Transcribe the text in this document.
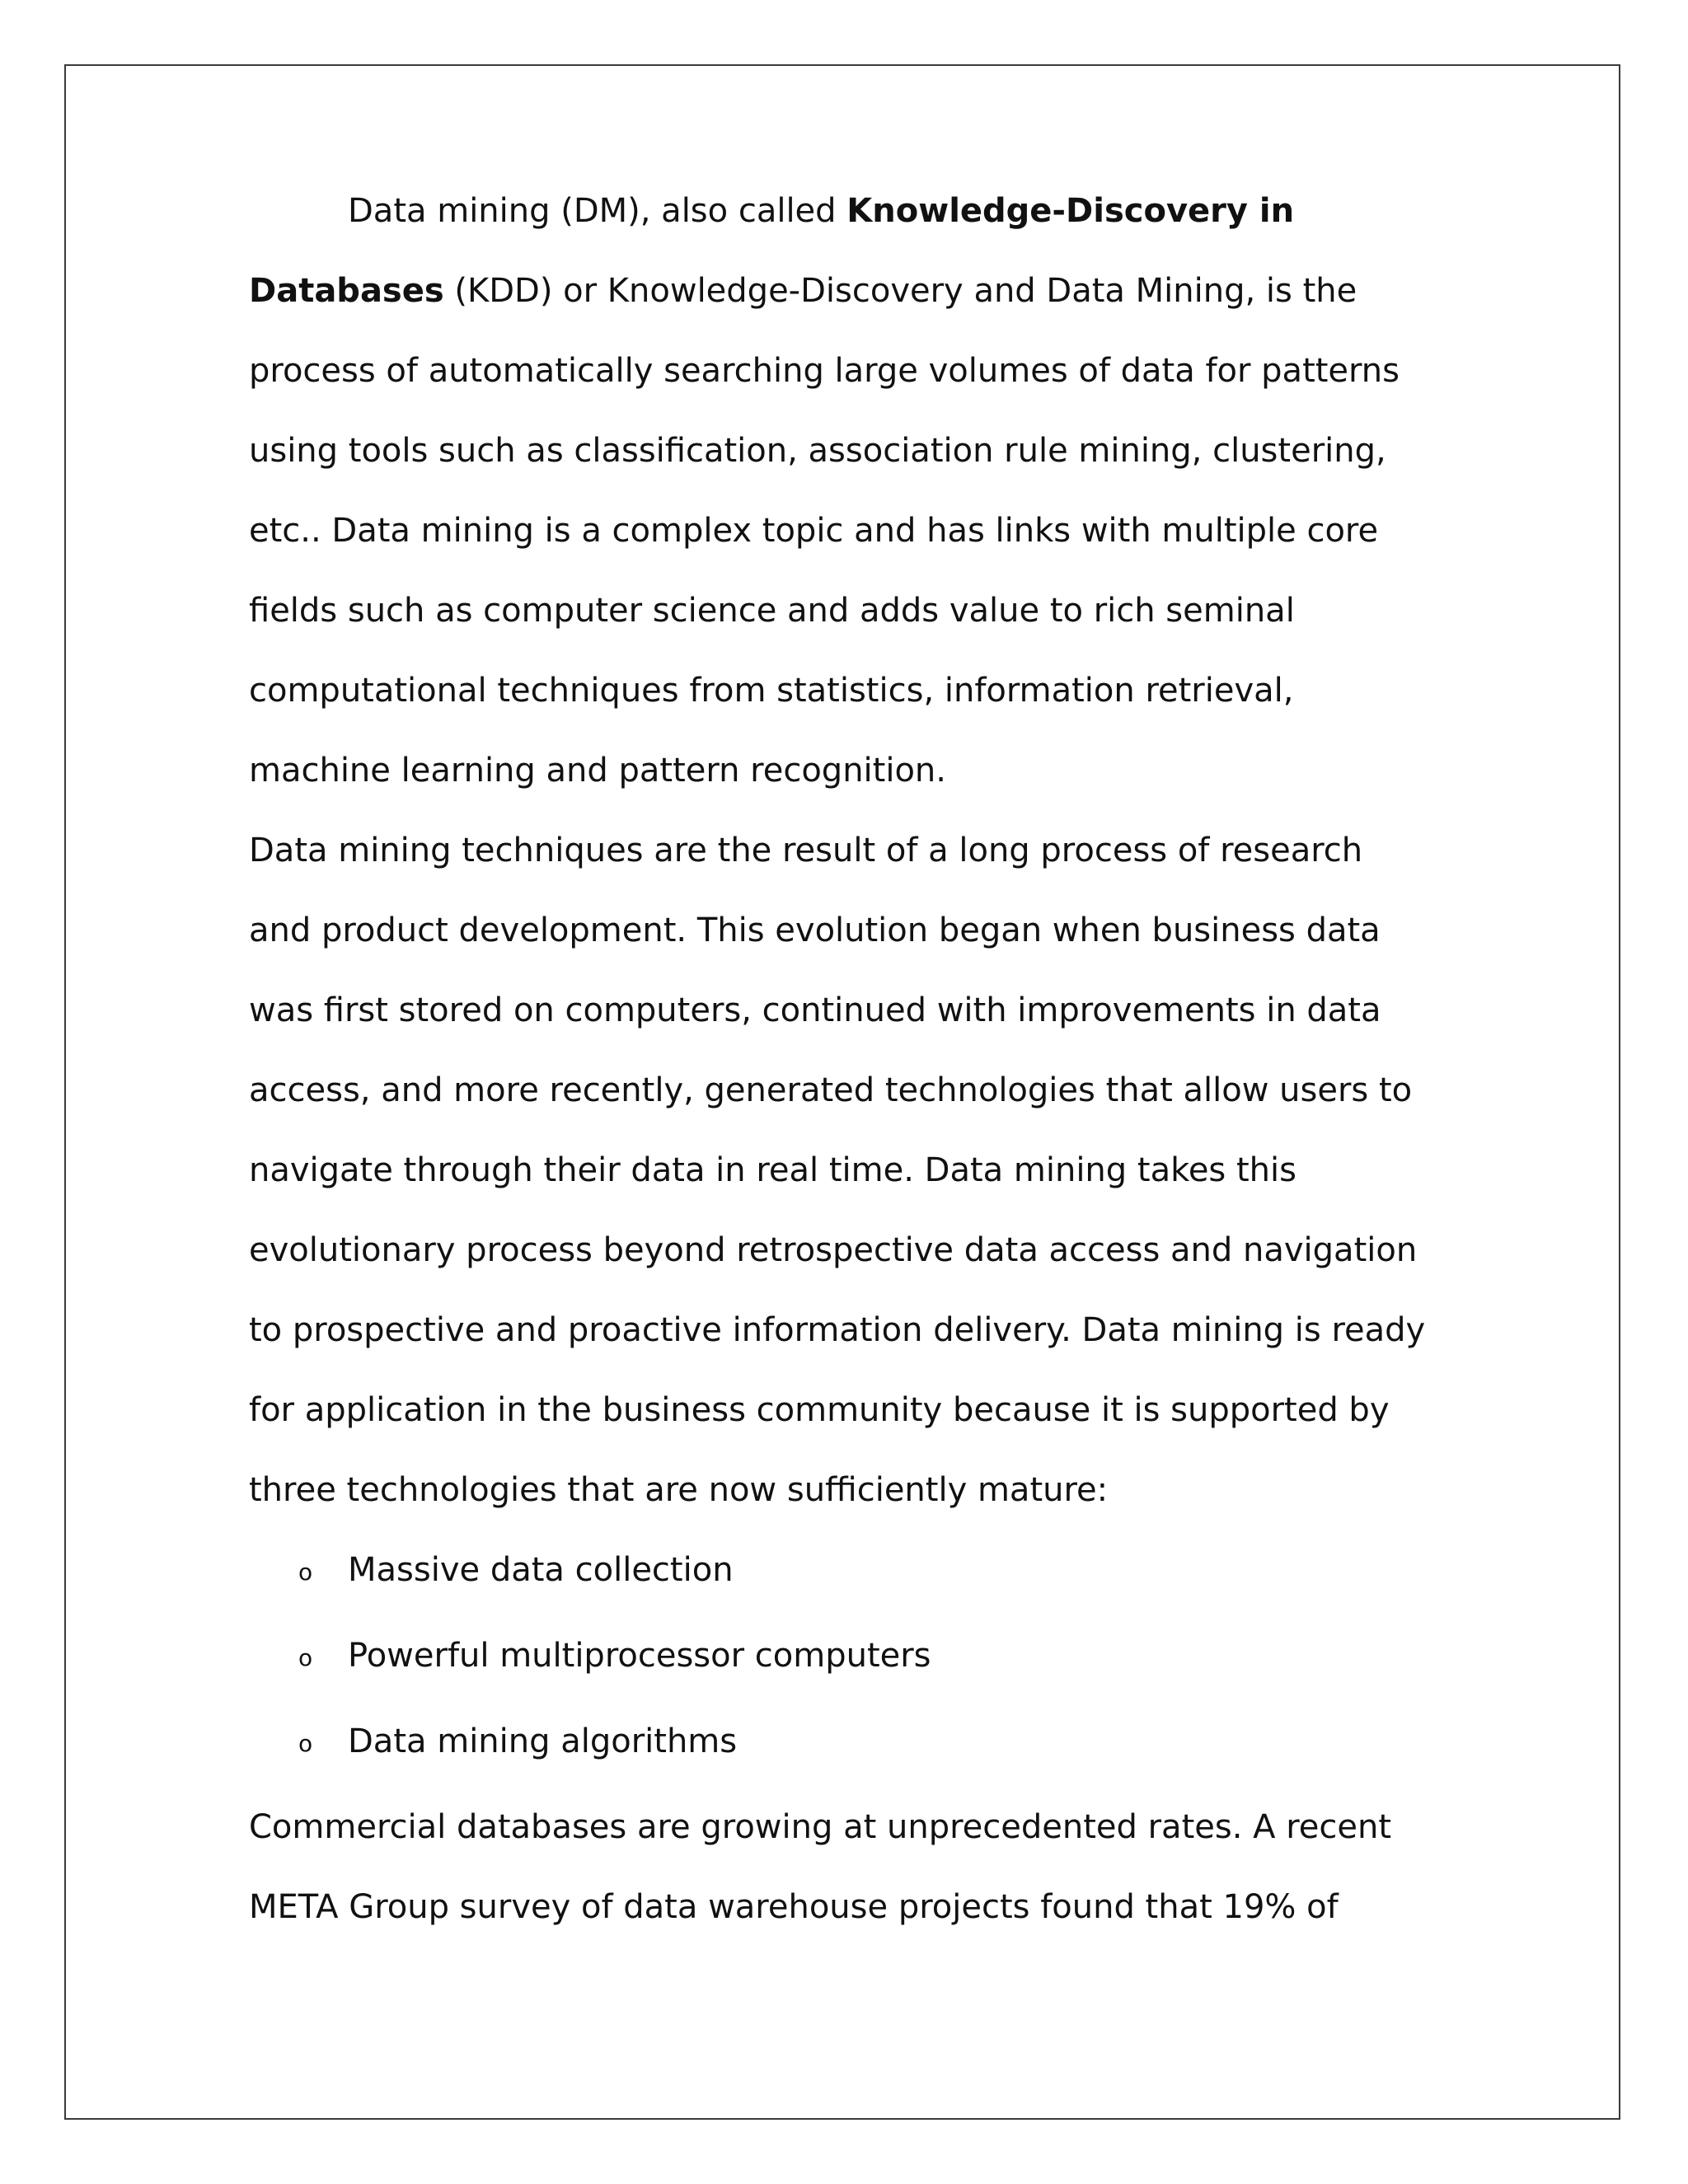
Data mining (DM), also called Knowledge-Discovery in
Databases (KDD) or Knowledge-Discovery and Data Mining, is the
process of automatically searching large volumes of data for patterns
using tools such as classification, association rule mining, clustering,
etc.. Data mining is a complex topic and has links with multiple core
fields such as computer science and adds value to rich seminal
computational techniques from statistics, information retrieval,
machine learning and pattern recognition.
Data mining techniques are the result of a long process of research
and product development. This evolution began when business data
was first stored on computers, continued with improvements in data
access, and more recently, generated technologies that allow users to
navigate through their data in real time. Data mining takes this
evolutionary process beyond retrospective data access and navigation
to prospective and proactive information delivery. Data mining is ready
for application in the business community because it is supported by
three technologies that are now sufficiently mature:
o Massive data collection
o Powerful multiprocessor computers
o Data mining algorithms
Commercial databases are growing at unprecedented rates. A recent
META Group survey of data warehouse projects found that 19% of
